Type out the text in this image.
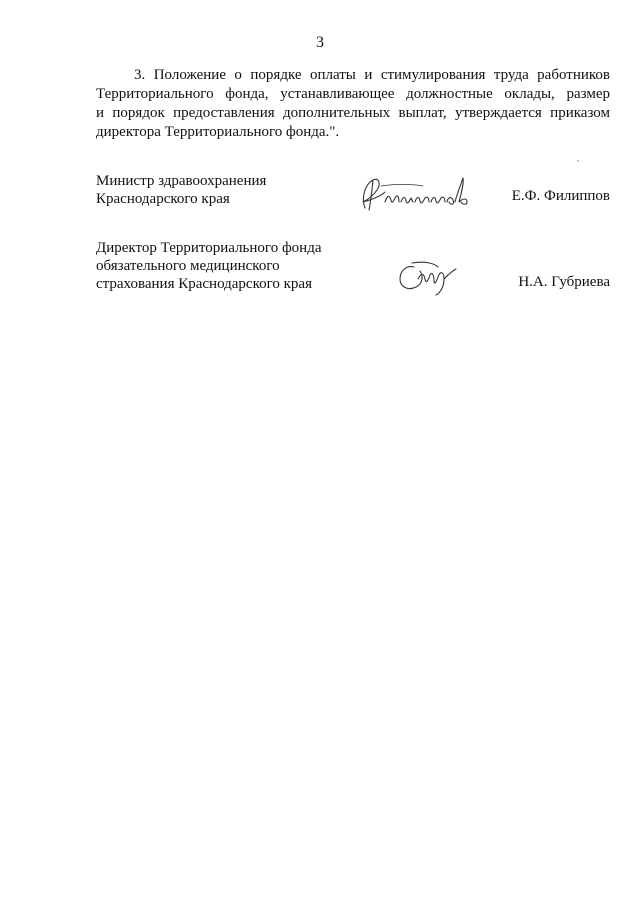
3
3. Положение о порядке оплаты и стимулирования труда работников
Территориального фонда, устанавливающее должностные оклады, размер
и порядок предоставления дополнительных выплат, утверждается приказом
директора Территориального фонда.".
Министр здравоохранения
Краснодарского края	Е.Ф. Филиппов
Директор Территориального фонда
обязательного медицинского
страхования Краснодарского края	Н.А. Губриева
